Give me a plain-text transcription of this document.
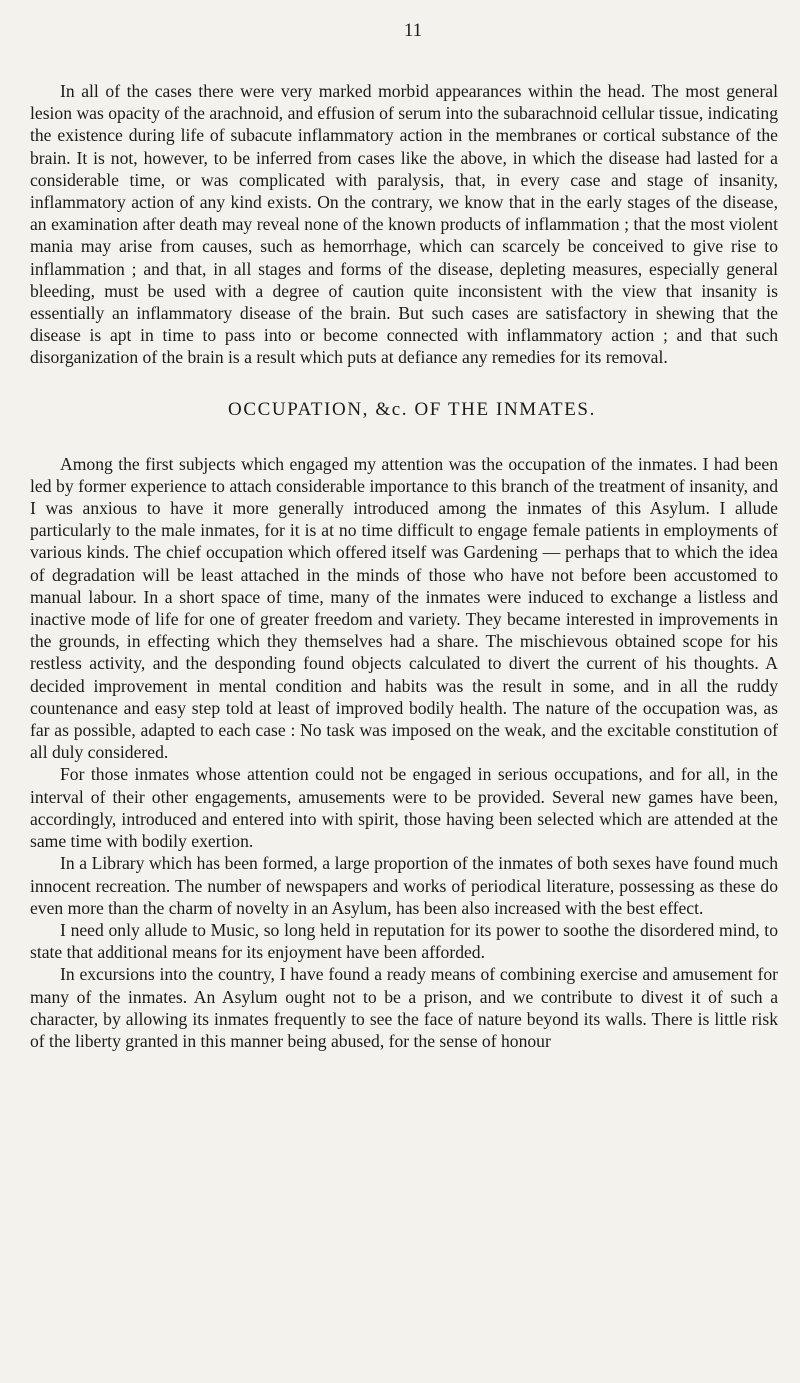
11

In all of the cases there were very marked morbid appearances within the head. The most general lesion was opacity of the arachnoid, and effusion of serum into the subarachnoid cellular tissue, indicating the existence during life of subacute inflammatory action in the membranes or cortical substance of the brain. It is not, however, to be inferred from cases like the above, in which the disease had lasted for a considerable time, or was complicated with paralysis, that, in every case and stage of insanity, inflammatory action of any kind exists. On the contrary, we know that in the early stages of the disease, an examination after death may reveal none of the known products of inflammation ; that the most violent mania may arise from causes, such as hemorrhage, which can scarcely be conceived to give rise to inflammation ; and that, in all stages and forms of the disease, depleting measures, especially general bleeding, must be used with a degree of caution quite inconsistent with the view that insanity is essentially an inflammatory disease of the brain. But such cases are satisfactory in shewing that the disease is apt in time to pass into or become connected with inflammatory action ; and that such disorganization of the brain is a result which puts at defiance any remedies for its removal.

OCCUPATION, &c. OF THE INMATES.

Among the first subjects which engaged my attention was the occupation of the inmates. I had been led by former experience to attach considerable importance to this branch of the treatment of insanity, and I was anxious to have it more generally introduced among the inmates of this Asylum. I allude particularly to the male inmates, for it is at no time difficult to engage female patients in employments of various kinds. The chief occupation which offered itself was Gardening — perhaps that to which the idea of degradation will be least attached in the minds of those who have not before been accustomed to manual labour. In a short space of time, many of the inmates were induced to exchange a listless and inactive mode of life for one of greater freedom and variety. They became interested in improvements in the grounds, in effecting which they themselves had a share. The mischievous obtained scope for his restless activity, and the desponding found objects calculated to divert the current of his thoughts. A decided improvement in mental condition and habits was the result in some, and in all the ruddy countenance and easy step told at least of improved bodily health. The nature of the occupation was, as far as possible, adapted to each case : No task was imposed on the weak, and the excitable constitution of all duly considered.

For those inmates whose attention could not be engaged in serious occupations, and for all, in the interval of their other engagements, amusements were to be provided. Several new games have been, accordingly, introduced and entered into with spirit, those having been selected which are attended at the same time with bodily exertion.

In a Library which has been formed, a large proportion of the inmates of both sexes have found much innocent recreation. The number of newspapers and works of periodical literature, possessing as these do even more than the charm of novelty in an Asylum, has been also increased with the best effect.

I need only allude to Music, so long held in reputation for its power to soothe the disordered mind, to state that additional means for its enjoyment have been afforded.

In excursions into the country, I have found a ready means of combining exercise and amusement for many of the inmates. An Asylum ought not to be a prison, and we contribute to divest it of such a character, by allowing its inmates frequently to see the face of nature beyond its walls. There is little risk of the liberty granted in this manner being abused, for the sense of honour
